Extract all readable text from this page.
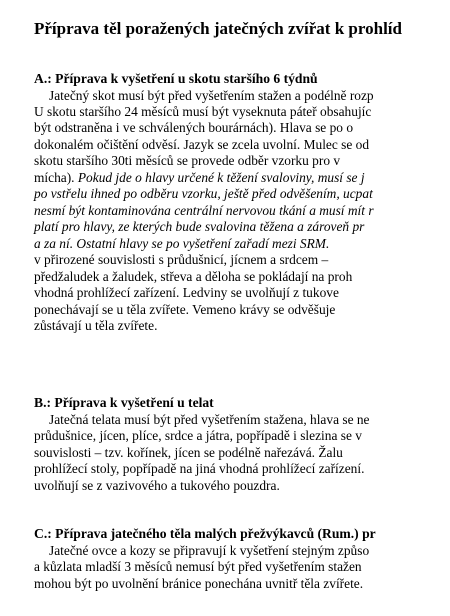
Příprava těl poražených jatečných zvířat k prohlíd
A.: Příprava k vyšetření u skotu staršího 6 týdnů
Jatečný skot musí být před vyšetřením stažen a podélně rozp
U skotu staršího 24 měsíců musí být vyseknuta páteř obsahujíc
být odstraněna i ve schválených bourárnách). Hlava se po o
dokonalém očištění odvěsí. Jazyk se zcela uvolní. Mulec se od
skotu staršího 30ti měsíců se provede odběr vzorku pro v
mícha). Pokud jde o hlavy určené k těžení svaloviny, musí se j
po vstřelu ihned po odběru vzorku, ještě před odvěšením, ucpat
nesmí být kontaminována centrální nervovou tkání a musí mít r
platí pro hlavy, ze kterých bude svalovina těžena a zároveň pr
a za ní. Ostatní hlavy se po vyšetření zařadí mezi SRM.
v přirozené souvislosti s průdušnicí, jícnem a srdcem –
předžaludek a žaludek, střeva a děloha se pokládají na proh
vhodná prohlížecí zařízení. Ledviny se uvolňují z tukove
ponechávají se u těla zvířete. Vemeno krávy se odvěšuje
zůstávají u těla zvířete.
B.: Příprava k vyšetření u telat
Jatečná telata musí být před vyšetřením stažena, hlava se ne
průdušnice, jícen, plíce, srdce a játra, popřípadě i slezina se v
souvislosti – tzv. kořínek, jícen se podélně nařezává. Žalu
prohlížecí stoly, popřípadě na jiná vhodná prohlížecí zařízení.
uvolňují se z vazivového a tukového pouzdra.
C.: Příprava jatečného těla malých přežvýkavců (Rum.) pr
Jatečné ovce a kozy se připravují k vyšetření stejným způso
a kůzlata mladší 3 měsíců nemusí být před vyšetřením stažen
mohou být po uvolnění bránice ponechána uvnitř těla zvířete.
